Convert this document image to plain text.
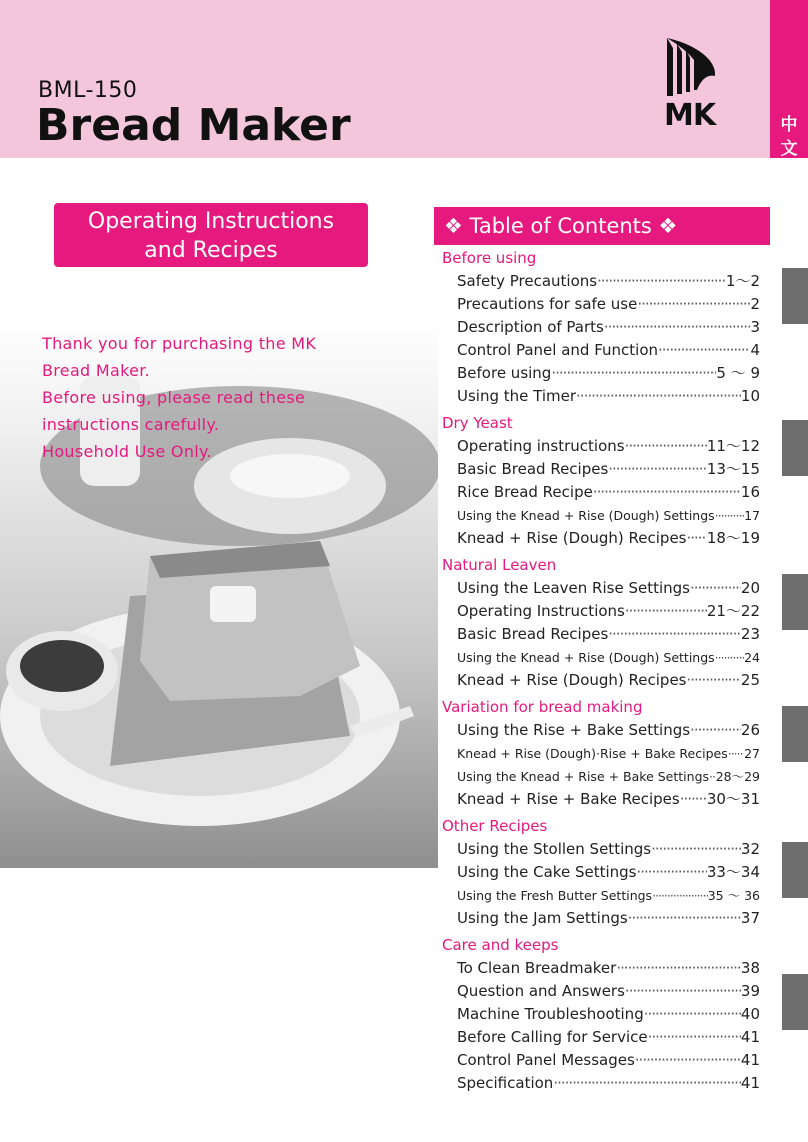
BML-150
Bread Maker	MK	中
文
Operating Instructions
and Recipes
Thank you for purchasing the MK
Bread Maker.
Before using, please read these
instructions carefully.
Household Use Only.
❖ Table of Contents ❖
Before using
Safety Precautions ·····	1～2
Precautions for safe use ·····	2
Description of Parts ·····	3
Control Panel and Function ·····	4
Before using ·····	5 ～ 9
Using the Timer ·····	10
Dry Yeast
Operating instructions ·····	11～12
Basic Bread Recipes ·····	13～15
Rice Bread Recipe ·····	16
Using the Knead + Rise (Dough) Settings ····· 17
Knead + Rise (Dough) Recipes ····· 18～19
Natural Leaven
Using the Leaven Rise Settings ·····	20
Operating Instructions ·····	21～22
Basic Bread Recipes ·····	23
Using the Knead + Rise (Dough) Settings ····· 24
Knead + Rise (Dough) Recipes ·····	25
Variation for bread making
Using the Rise + Bake Settings ·····	26
Knead + Rise (Dough)·Rise + Bake Recipes ····· 27
Using the Knead + Rise + Bake Settings ····· 28～29
Knead + Rise + Bake Recipes ····· 30～31
Other Recipes
Using the Stollen Settings ·····	32
Using the Cake Settings ·····	33～34
Using the Fresh Butter Settings ·····	35 ～ 36
Using the Jam Settings ·····	37
Care and keeps
To Clean Breadmaker ·····	38
Question and Answers ·····	39
Machine Troubleshooting ·····	40
Before Calling for Service ·····	41
Control Panel Messages ·····	41
Specification ·····	41
